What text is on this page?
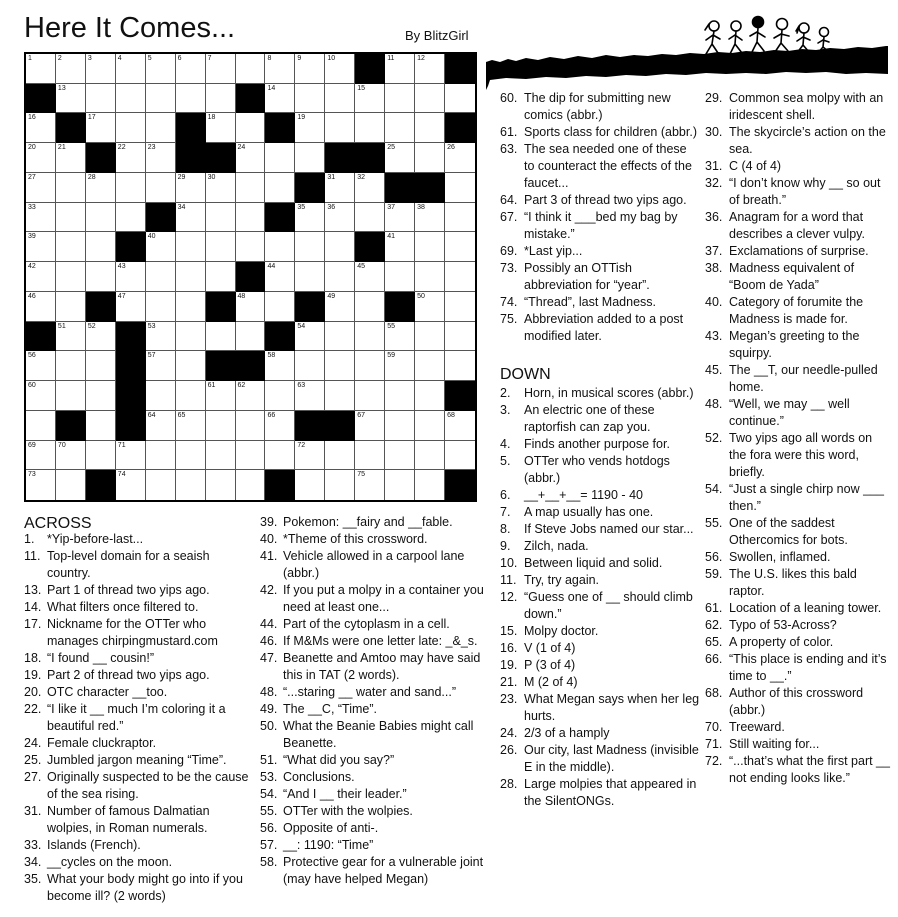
Here It Comes...	By BlitzGirl
1	2	3	4	5	6	7	8	9	10	11	12
13	14	15
16	17	18	19
20	21	22	23	24	25	26
27	28	29	30	31	32
33	34	35	36	37	38
39	40	41
42	43	44	45
46	47	48	49	50
51	52	53	54	55
56	57	58	59
60	61	62	63
64	65	66	67	68
69	70	71	72
73	74	75
ACROSS
1. *Yip-before-last...
11. Top-level domain for a seaish country.
13. Part 1 of thread two yips ago.
14. What filters once filtered to.
17. Nickname for the OTTer who manages chirpingmustard.com
18. “I found __ cousin!”
19. Part 2 of thread two yips ago.
20. OTC character __too.
22. “I like it __ much I’m coloring it a beautiful red.”
24. Female cluckraptor.
25. Jumbled jargon meaning “Time”.
27. Originally suspected to be the cause of the sea rising.
31. Number of famous Dalmatian wolpies, in Roman numerals.
33. Islands (French).
34. __cycles on the moon.
35. What your body might go into if you become ill? (2 words)
39. Pokemon: __fairy and __fable.
40. *Theme of this crossword.
41. Vehicle allowed in a carpool lane (abbr.)
42. If you put a molpy in a container you need at least one...
44. Part of the cytoplasm in a cell.
46. If M&Ms were one letter late: _&_s.
47. Beanette and Amtoo may have said this in TAT (2 words).
48. “...staring __ water and sand...”
49. The __C, “Time”.
50. What the Beanie Babies might call Beanette.
51. “What did you say?”
53. Conclusions.
54. “And I __ their leader.”
55. OTTer with the wolpies.
56. Opposite of anti-.
57. __: 1190: “Time”
58. Protective gear for a vulnerable joint (may have helped Megan)
60. The dip for submitting new comics (abbr.)
61. Sports class for children (abbr.)
63. The sea needed one of these to counteract the effects of the faucet...
64. Part 3 of thread two yips ago.
67. “I think it ___bed my bag by mistake.”
69. *Last yip...
73. Possibly an OTTish abbreviation for “year”.
74. “Thread”, last Madness.
75. Abbreviation added to a post modified later.
DOWN
2. Horn, in musical scores (abbr.)
3. An electric one of these raptorfish can zap you.
4. Finds another purpose for.
5. OTTer who vends hotdogs (abbr.)
6. __+__+__= 1190 - 40
7. A map usually has one.
8. If Steve Jobs named our star...
9. Zilch, nada.
10. Between liquid and solid.
11. Try, try again.
12. “Guess one of __ should climb down.”
15. Molpy doctor.
16. V (1 of 4)
19. P (3 of 4)
21. M (2 of 4)
23. What Megan says when her leg hurts.
24. 2/3 of a hamply
26. Our city, last Madness (invisible E in the middle).
28. Large molpies that appeared in the SilentONGs.
29. Common sea molpy with an iridescent shell.
30. The skycircle’s action on the sea.
31. C (4 of 4)
32. “I don’t know why __ so out of breath.”
36. Anagram for a word that describes a clever vulpy.
37. Exclamations of surprise.
38. Madness equivalent of “Boom de Yada”
40. Category of forumite the Madness is made for.
43. Megan’s greeting to the squirpy.
45. The __T, our needle-pulled home.
48. “Well, we may __ well continue.”
52. Two yips ago all words on the fora were this word, briefly.
54. “Just a single chirp now ___ then.”
55. One of the saddest Othercomics for bots.
56. Swollen, inflamed.
59. The U.S. likes this bald raptor.
61. Location of a leaning tower.
62. Typo of 53-Across?
65. A property of color.
66. “This place is ending and it’s time to __.”
68. Author of this crossword (abbr.)
70. Treeward.
71. Still waiting for...
72. “...that’s what the first part __ not ending looks like.”
